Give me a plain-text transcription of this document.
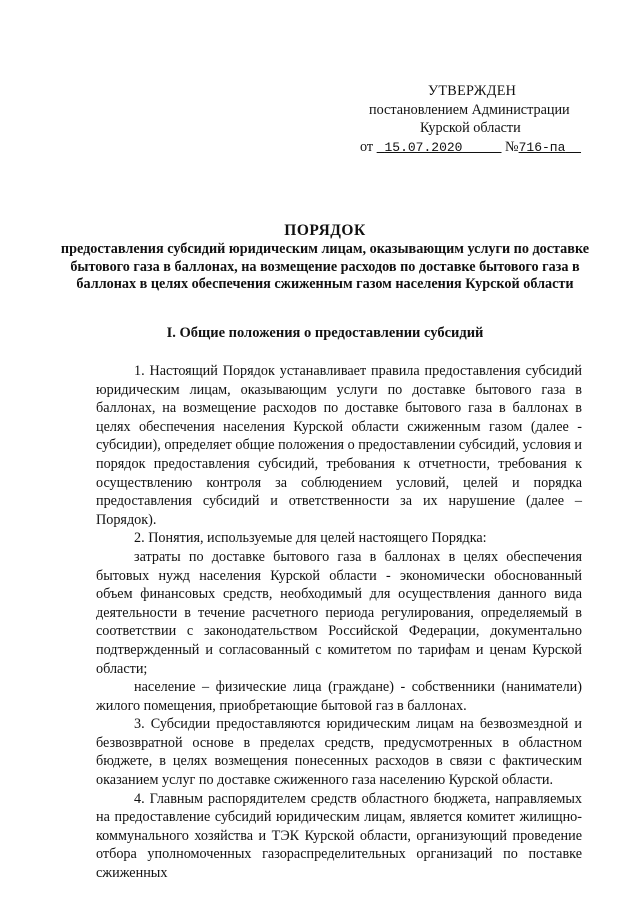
УТВЕРЖДЕН
постановлением Администрации
Курской области
от 15.07.2020	№716-па
ПОРЯДОК
предоставления субсидий юридическим лицам, оказывающим услуги по доставке бытового газа в баллонах, на возмещение расходов по доставке бытового газа в баллонах в целях обеспечения сжиженным газом населения Курской области
I. Общие положения о предоставлении субсидий

1. Настоящий Порядок устанавливает правила предоставления субсидий юридическим лицам, оказывающим услуги по доставке бытового газа в баллонах, на возмещение расходов по доставке бытового газа в баллонах в целях обеспечения населения Курской области сжиженным газом (далее - субсидии), определяет общие положения о предоставлении субсидий, условия и порядок предоставления субсидий, требования к отчетности, требования к осуществлению контроля за соблюдением условий, целей и порядка предоставления субсидий и ответственности за их нарушение (далее – Порядок).

2. Понятия, используемые для целей настоящего Порядка:

затраты по доставке бытового газа в баллонах в целях обеспечения бытовых нужд населения Курской области - экономически обоснованный объем финансовых средств, необходимый для осуществления данного вида деятельности в течение расчетного периода регулирования, определяемый в соответствии с законодательством Российской Федерации, документально подтвержденный и согласованный с комитетом по тарифам и ценам Курской области;

население – физические лица (граждане) - собственники (наниматели) жилого помещения, приобретающие бытовой газ в баллонах.

3. Субсидии предоставляются юридическим лицам на безвозмездной и безвозвратной основе в пределах средств, предусмотренных в областном бюджете, в целях возмещения понесенных расходов в связи с фактическим оказанием услуг по доставке сжиженного газа населению Курской области.

4. Главным распорядителем средств областного бюджета, направляемых на предоставление субсидий юридическим лицам, является комитет жилищно-коммунального хозяйства и ТЭК Курской области, организующий проведение отбора уполномоченных газораспределительных организаций по поставке сжиженных
